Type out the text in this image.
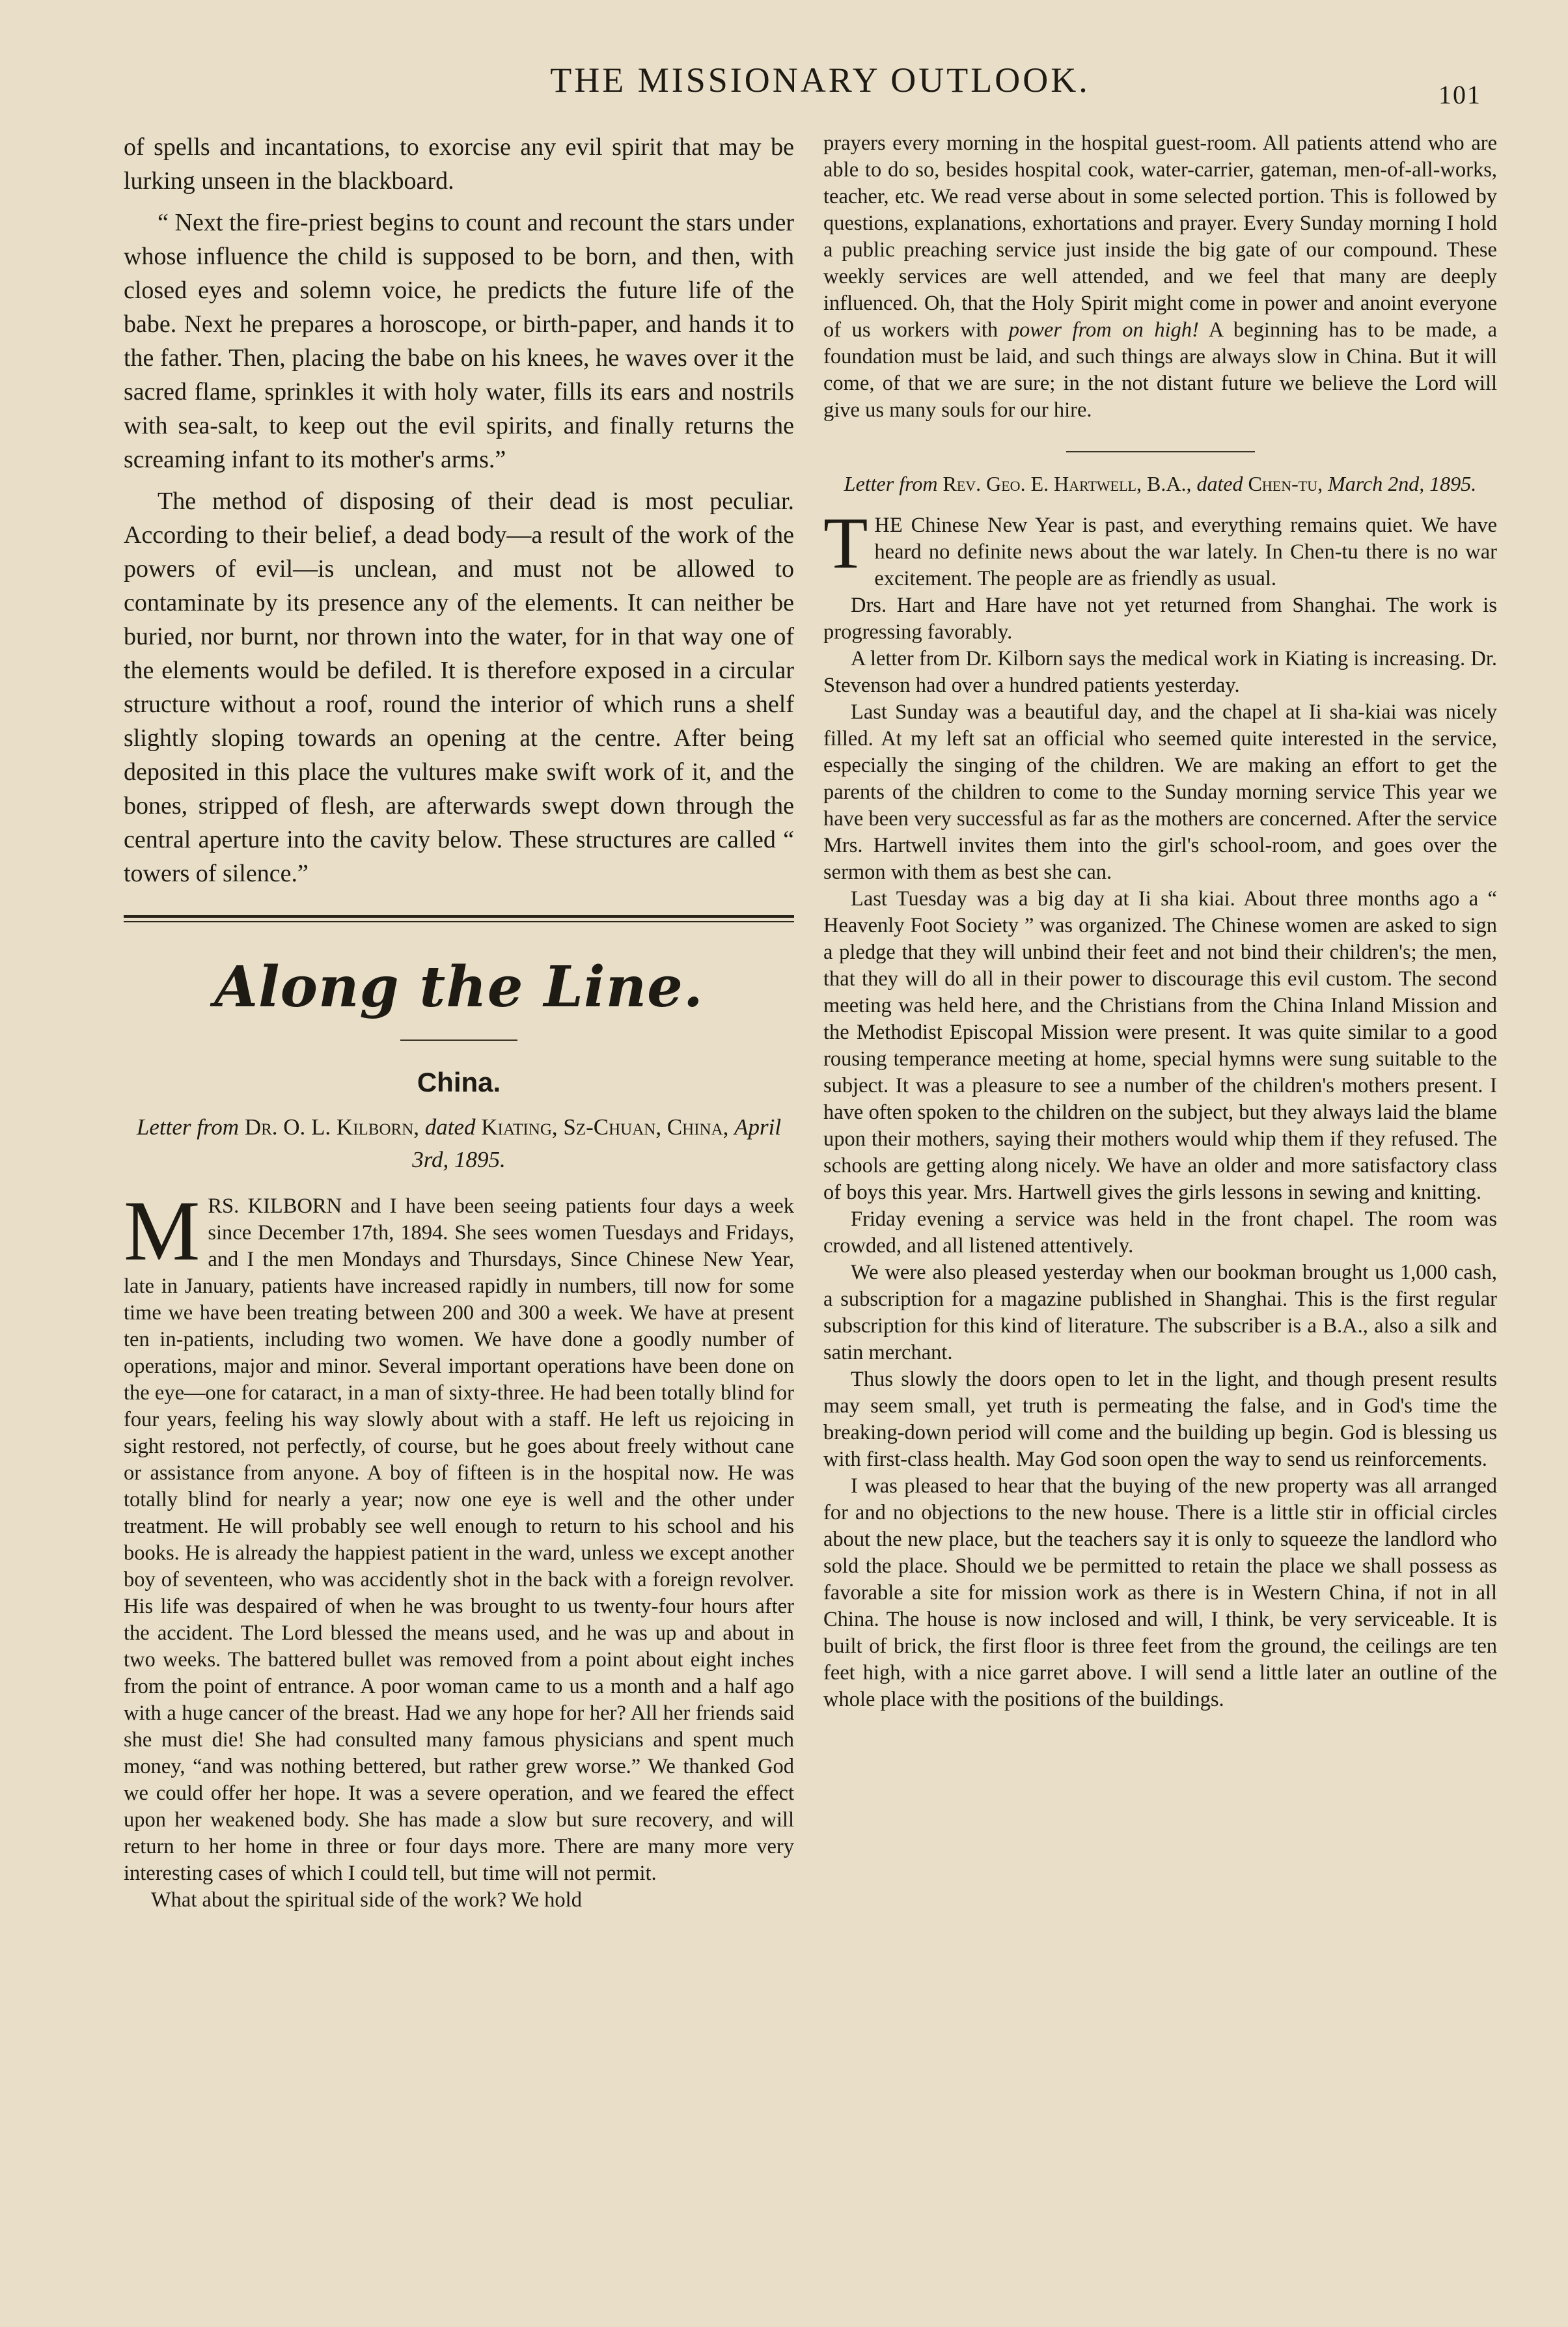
THE MISSIONARY OUTLOOK.	101

of spells and incantations, to exorcise any evil spirit that may be lurking unseen in the blackboard.

“ Next the fire-priest begins to count and recount the stars under whose influence the child is supposed to be born, and then, with closed eyes and solemn voice, he predicts the future life of the babe. Next he prepares a horoscope, or birth-paper, and hands it to the father. Then, placing the babe on his knees, he waves over it the sacred flame, sprinkles it with holy water, fills its ears and nostrils with sea-salt, to keep out the evil spirits, and finally returns the screaming infant to its mother's arms.”

The method of disposing of their dead is most peculiar. According to their belief, a dead body—a result of the work of the powers of evil—is unclean, and must not be allowed to contaminate by its presence any of the elements. It can neither be buried, nor burnt, nor thrown into the water, for in that way one of the elements would be defiled. It is therefore exposed in a circular structure without a roof, round the interior of which runs a shelf slightly sloping towards an opening at the centre. After being deposited in this place the vultures make swift work of it, and the bones, stripped of flesh, are afterwards swept down through the central aperture into the cavity below. These structures are called “ towers of silence.”

Along the Line.
China.
Letter from Dr. O. L. Kilborn, dated Kiating, Sz-Chuan, China, April 3rd, 1895.

MRS. KILBORN and I have been seeing patients four days a week since December 17th, 1894. She sees women Tuesdays and Fridays, and I the men Mondays and Thursdays, Since Chinese New Year, late in January, patients have increased rapidly in numbers, till now for some time we have been treating between 200 and 300 a week. We have at present ten in-patients, including two women. We have done a goodly number of operations, major and minor. Several important operations have been done on the eye—one for cataract, in a man of sixty-three. He had been totally blind for four years, feeling his way slowly about with a staff. He left us rejoicing in sight restored, not perfectly, of course, but he goes about freely without cane or assistance from anyone. A boy of fifteen is in the hospital now. He was totally blind for nearly a year; now one eye is well and the other under treatment. He will probably see well enough to return to his school and his books. He is already the happiest patient in the ward, unless we except another boy of seventeen, who was accidently shot in the back with a foreign revolver. His life was despaired of when he was brought to us twenty-four hours after the accident. The Lord blessed the means used, and he was up and about in two weeks. The battered bullet was removed from a point about eight inches from the point of entrance. A poor woman came to us a month and a half ago with a huge cancer of the breast. Had we any hope for her? All her friends said she must die! She had consulted many famous physicians and spent much money, “and was nothing bettered, but rather grew worse.” We thanked God we could offer her hope. It was a severe operation, and we feared the effect upon her weakened body. She has made a slow but sure recovery, and will return to her home in three or four days more. There are many more very interesting cases of which I could tell, but time will not permit.

What about the spiritual side of the work? We hold

prayers every morning in the hospital guest-room. All patients attend who are able to do so, besides hospital cook, water-carrier, gateman, men-of-all-works, teacher, etc. We read verse about in some selected portion. This is followed by questions, explanations, exhortations and prayer. Every Sunday morning I hold a public preaching service just inside the big gate of our compound. These weekly services are well attended, and we feel that many are deeply influenced. Oh, that the Holy Spirit might come in power and anoint everyone of us workers with power from on high! A beginning has to be made, a foundation must be laid, and such things are always slow in China. But it will come, of that we are sure; in the not distant future we believe the Lord will give us many souls for our hire.

Letter from Rev. Geo. E. Hartwell, B.A., dated Chen-tu, March 2nd, 1895.

THE Chinese New Year is past, and everything remains quiet. We have heard no definite news about the war lately. In Chen-tu there is no war excitement. The people are as friendly as usual.

Drs. Hart and Hare have not yet returned from Shanghai. The work is progressing favorably.

A letter from Dr. Kilborn says the medical work in Kiating is increasing. Dr. Stevenson had over a hundred patients yesterday.

Last Sunday was a beautiful day, and the chapel at Ii sha-kiai was nicely filled. At my left sat an official who seemed quite interested in the service, especially the singing of the children. We are making an effort to get the parents of the children to come to the Sunday morning service This year we have been very successful as far as the mothers are concerned. After the service Mrs. Hartwell invites them into the girl's school-room, and goes over the sermon with them as best she can.

Last Tuesday was a big day at Ii sha kiai. About three months ago a “ Heavenly Foot Society ” was organized. The Chinese women are asked to sign a pledge that they will unbind their feet and not bind their children's; the men, that they will do all in their power to discourage this evil custom. The second meeting was held here, and the Christians from the China Inland Mission and the Methodist Episcopal Mission were present. It was quite similar to a good rousing temperance meeting at home, special hymns were sung suitable to the subject. It was a pleasure to see a number of the children's mothers present. I have often spoken to the children on the subject, but they always laid the blame upon their mothers, saying their mothers would whip them if they refused. The schools are getting along nicely. We have an older and more satisfactory class of boys this year. Mrs. Hartwell gives the girls lessons in sewing and knitting.

Friday evening a service was held in the front chapel. The room was crowded, and all listened attentively.

We were also pleased yesterday when our bookman brought us 1,000 cash, a subscription for a magazine published in Shanghai. This is the first regular subscription for this kind of literature. The subscriber is a B.A., also a silk and satin merchant.

Thus slowly the doors open to let in the light, and though present results may seem small, yet truth is permeating the false, and in God's time the breaking-down period will come and the building up begin. God is blessing us with first-class health. May God soon open the way to send us reinforcements.

I was pleased to hear that the buying of the new property was all arranged for and no objections to the new house. There is a little stir in official circles about the new place, but the teachers say it is only to squeeze the landlord who sold the place. Should we be permitted to retain the place we shall possess as favorable a site for mission work as there is in Western China, if not in all China. The house is now inclosed and will, I think, be very serviceable. It is built of brick, the first floor is three feet from the ground, the ceilings are ten feet high, with a nice garret above. I will send a little later an outline of the whole place with the positions of the buildings.
